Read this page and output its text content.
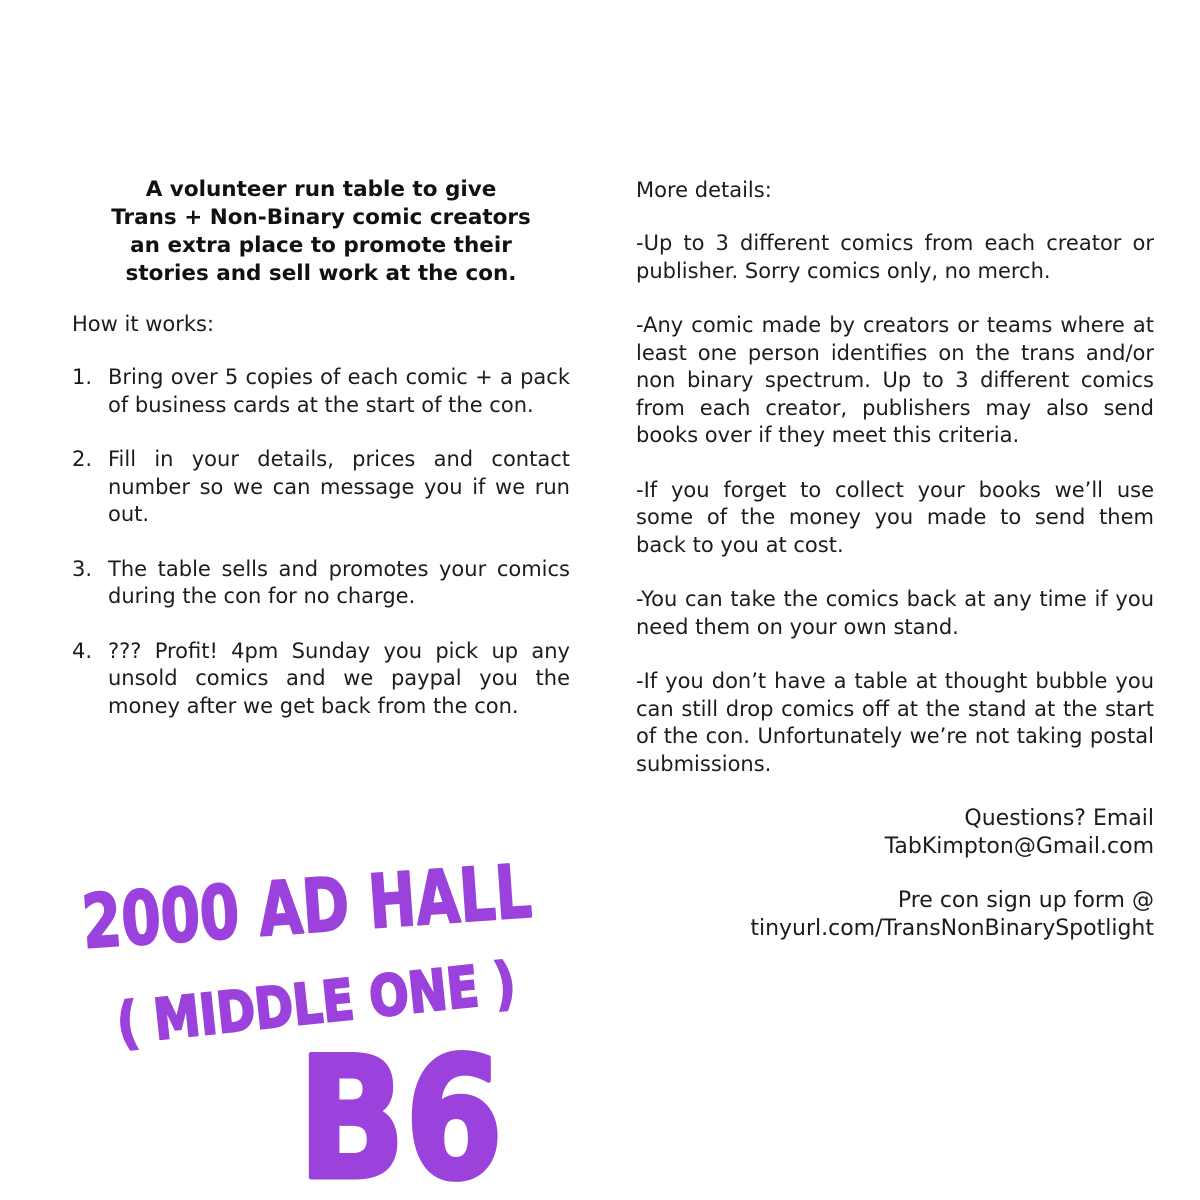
A volunteer run table to give
Trans + Non-Binary comic creators
an extra place to promote their
stories and sell work at the con.
How it works:
1. Bring over 5 copies of each comic + a pack of business cards at the start of the con.
2. Fill in your details, prices and contact number so we can message you if we run out.
3. The table sells and promotes your comics during the con for no charge.
4. ??? Profit! 4pm Sunday you pick up any unsold comics and we paypal you the money after we get back from the con.
More details:

-Up to 3 different comics from each creator or publisher. Sorry comics only, no merch.

-Any comic made by creators or teams where at least one person identifies on the trans and/or non binary spectrum. Up to 3 different comics from each creator, publishers may also send books over if they meet this criteria.

-If you forget to collect your books we’ll use some of the money you made to send them back to you at cost.

-You can take the comics back at any time if you need them on your own stand.

-If you don’t have a table at thought bubble you can still drop comics off at the stand at the start of the con. Unfortunately we’re not taking postal submissions.

Questions? Email
TabKimpton@Gmail.com
Pre con sign up form @
tinyurl.com/TransNonBinarySpotlight
2000 AD HALL
( MIDDLE ONE )
B6
